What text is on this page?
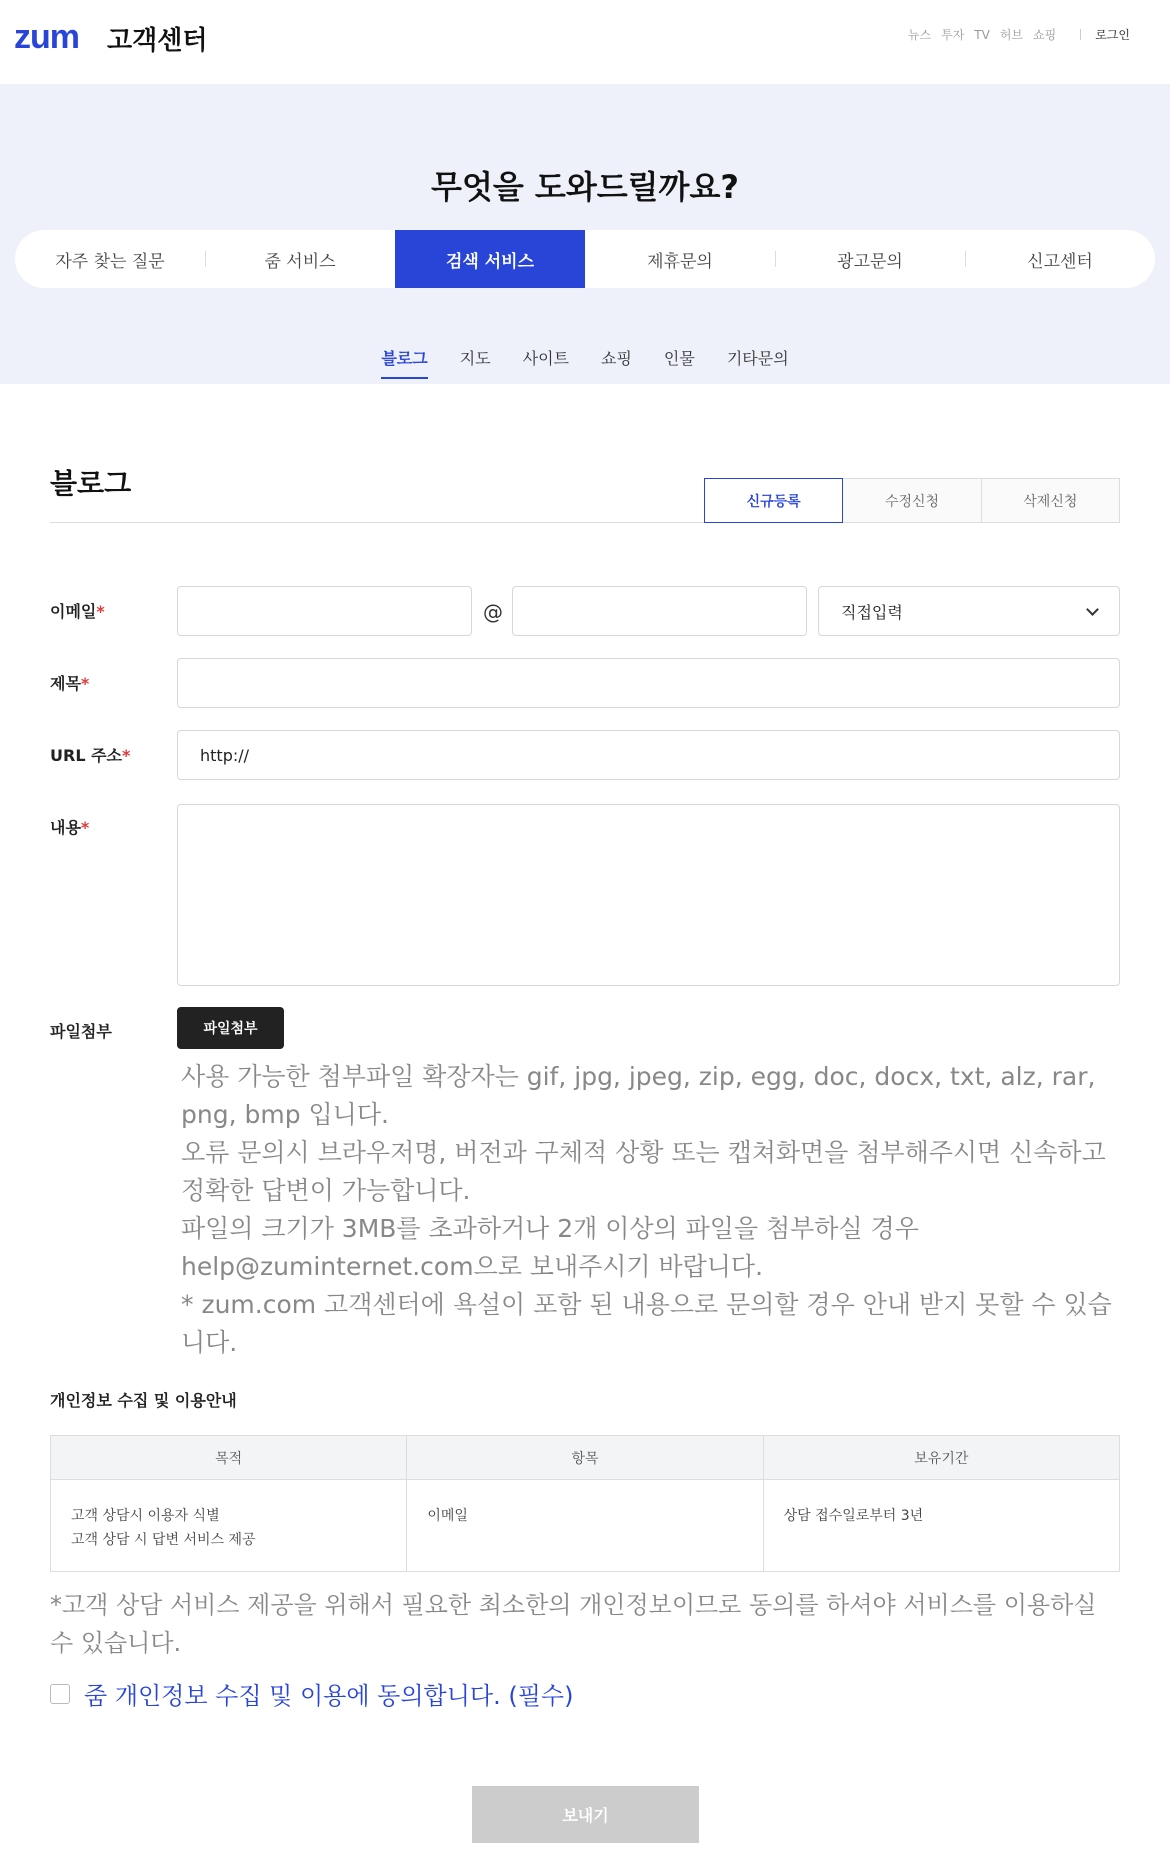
zum 고객센터	뉴스 투자 TV 허브 쇼핑	로그인
무엇을 도와드릴까요?
자주 찾는 질문	줌 서비스	검색 서비스	제휴문의	광고문의	신고센터
블로그 지도 사이트 쇼핑 인물 기타문의
블로그
신규등록	수정신청	삭제신청
이메일*	@	직접입력
제목*
URL 주소*	http://
내용*
파일첨부	파일첨부

사용 가능한 첨부파일 확장자는 gif, jpg, jpeg, zip, egg, doc, docx, txt, alz, rar, png, bmp 입니다.

오류 문의시 브라우저명, 버전과 구체적 상황 또는 캡쳐화면을 첨부해주시면 신속하고 정확한 답변이 가능합니다.

파일의 크기가 3MB를 초과하거나 2개 이상의 파일을 첨부하실 경우 help@zuminternet.com으로 보내주시기 바랍니다.

* zum.com 고객센터에 욕설이 포함 된 내용으로 문의할 경우 안내 받지 못할 수 있습니다.

개인정보 수집 및 이용안내
목적	항목	보유기간

고객 상담시 이용자 식별
고객 상담 시 답변 서비스 제공	이메일	상담 접수일로부터 3년
*고객 상담 서비스 제공을 위해서 필요한 최소한의 개인정보이므로 동의를 하셔야 서비스를 이용하실 수 있습니다.
줌 개인정보 수집 및 이용에 동의합니다. (필수)
보내기
